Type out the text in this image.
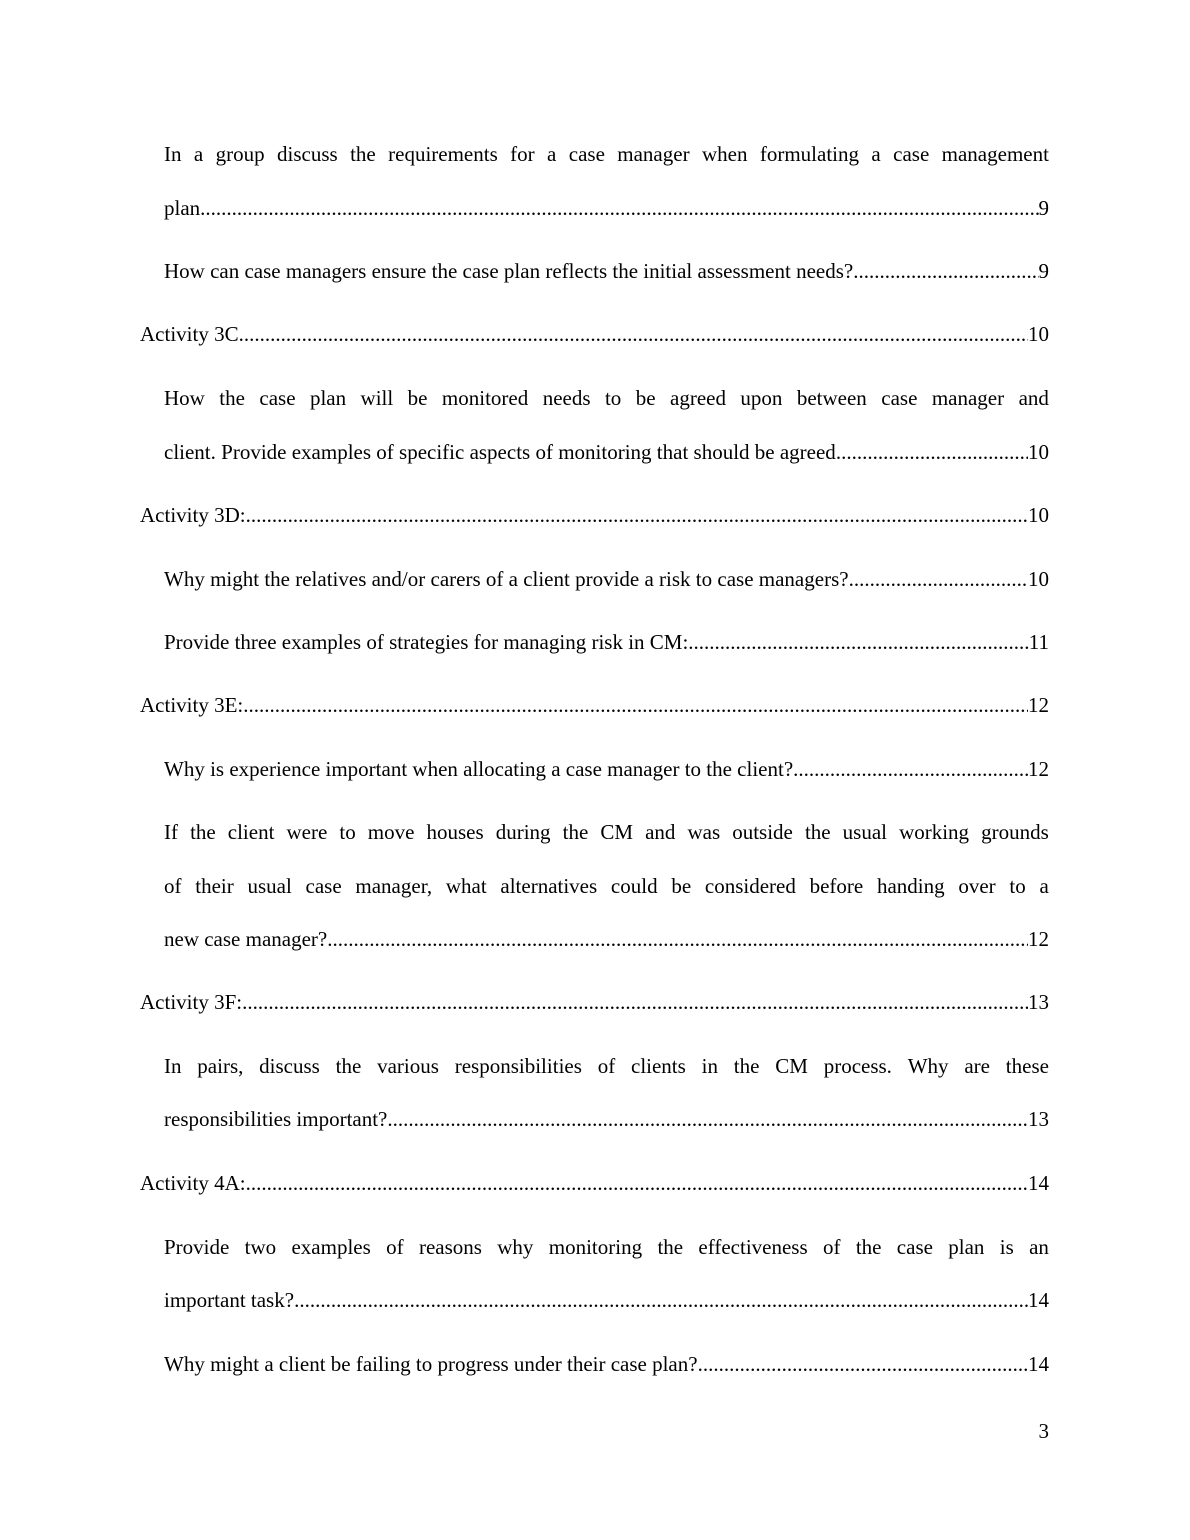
In a group discuss the requirements for a case manager when formulating a case management
plan .....	9
How can case managers ensure the case plan reflects the initial assessment needs? .....	9
Activity 3C .....	10
How the case plan will be monitored needs to be agreed upon between case manager and
client. Provide examples of specific aspects of monitoring that should be agreed .....	10
Activity 3D: .....	10
Why might the relatives and/or carers of a client provide a risk to case managers? .....	10
Provide three examples of strategies for managing risk in CM: .....	11
Activity 3E: .....	12
Why is experience important when allocating a case manager to the client? .....	12
If the client were to move houses during the CM and was outside the usual working grounds
of their usual case manager, what alternatives could be considered before handing over to a
new case manager? .....	12
Activity 3F: .....	13
In pairs, discuss the various responsibilities of clients in the CM process. Why are these
responsibilities important? .....	13
Activity 4A: .....	14
Provide two examples of reasons why monitoring the effectiveness of the case plan is an
important task? .....	14
Why might a client be failing to progress under their case plan? .....	14
3
